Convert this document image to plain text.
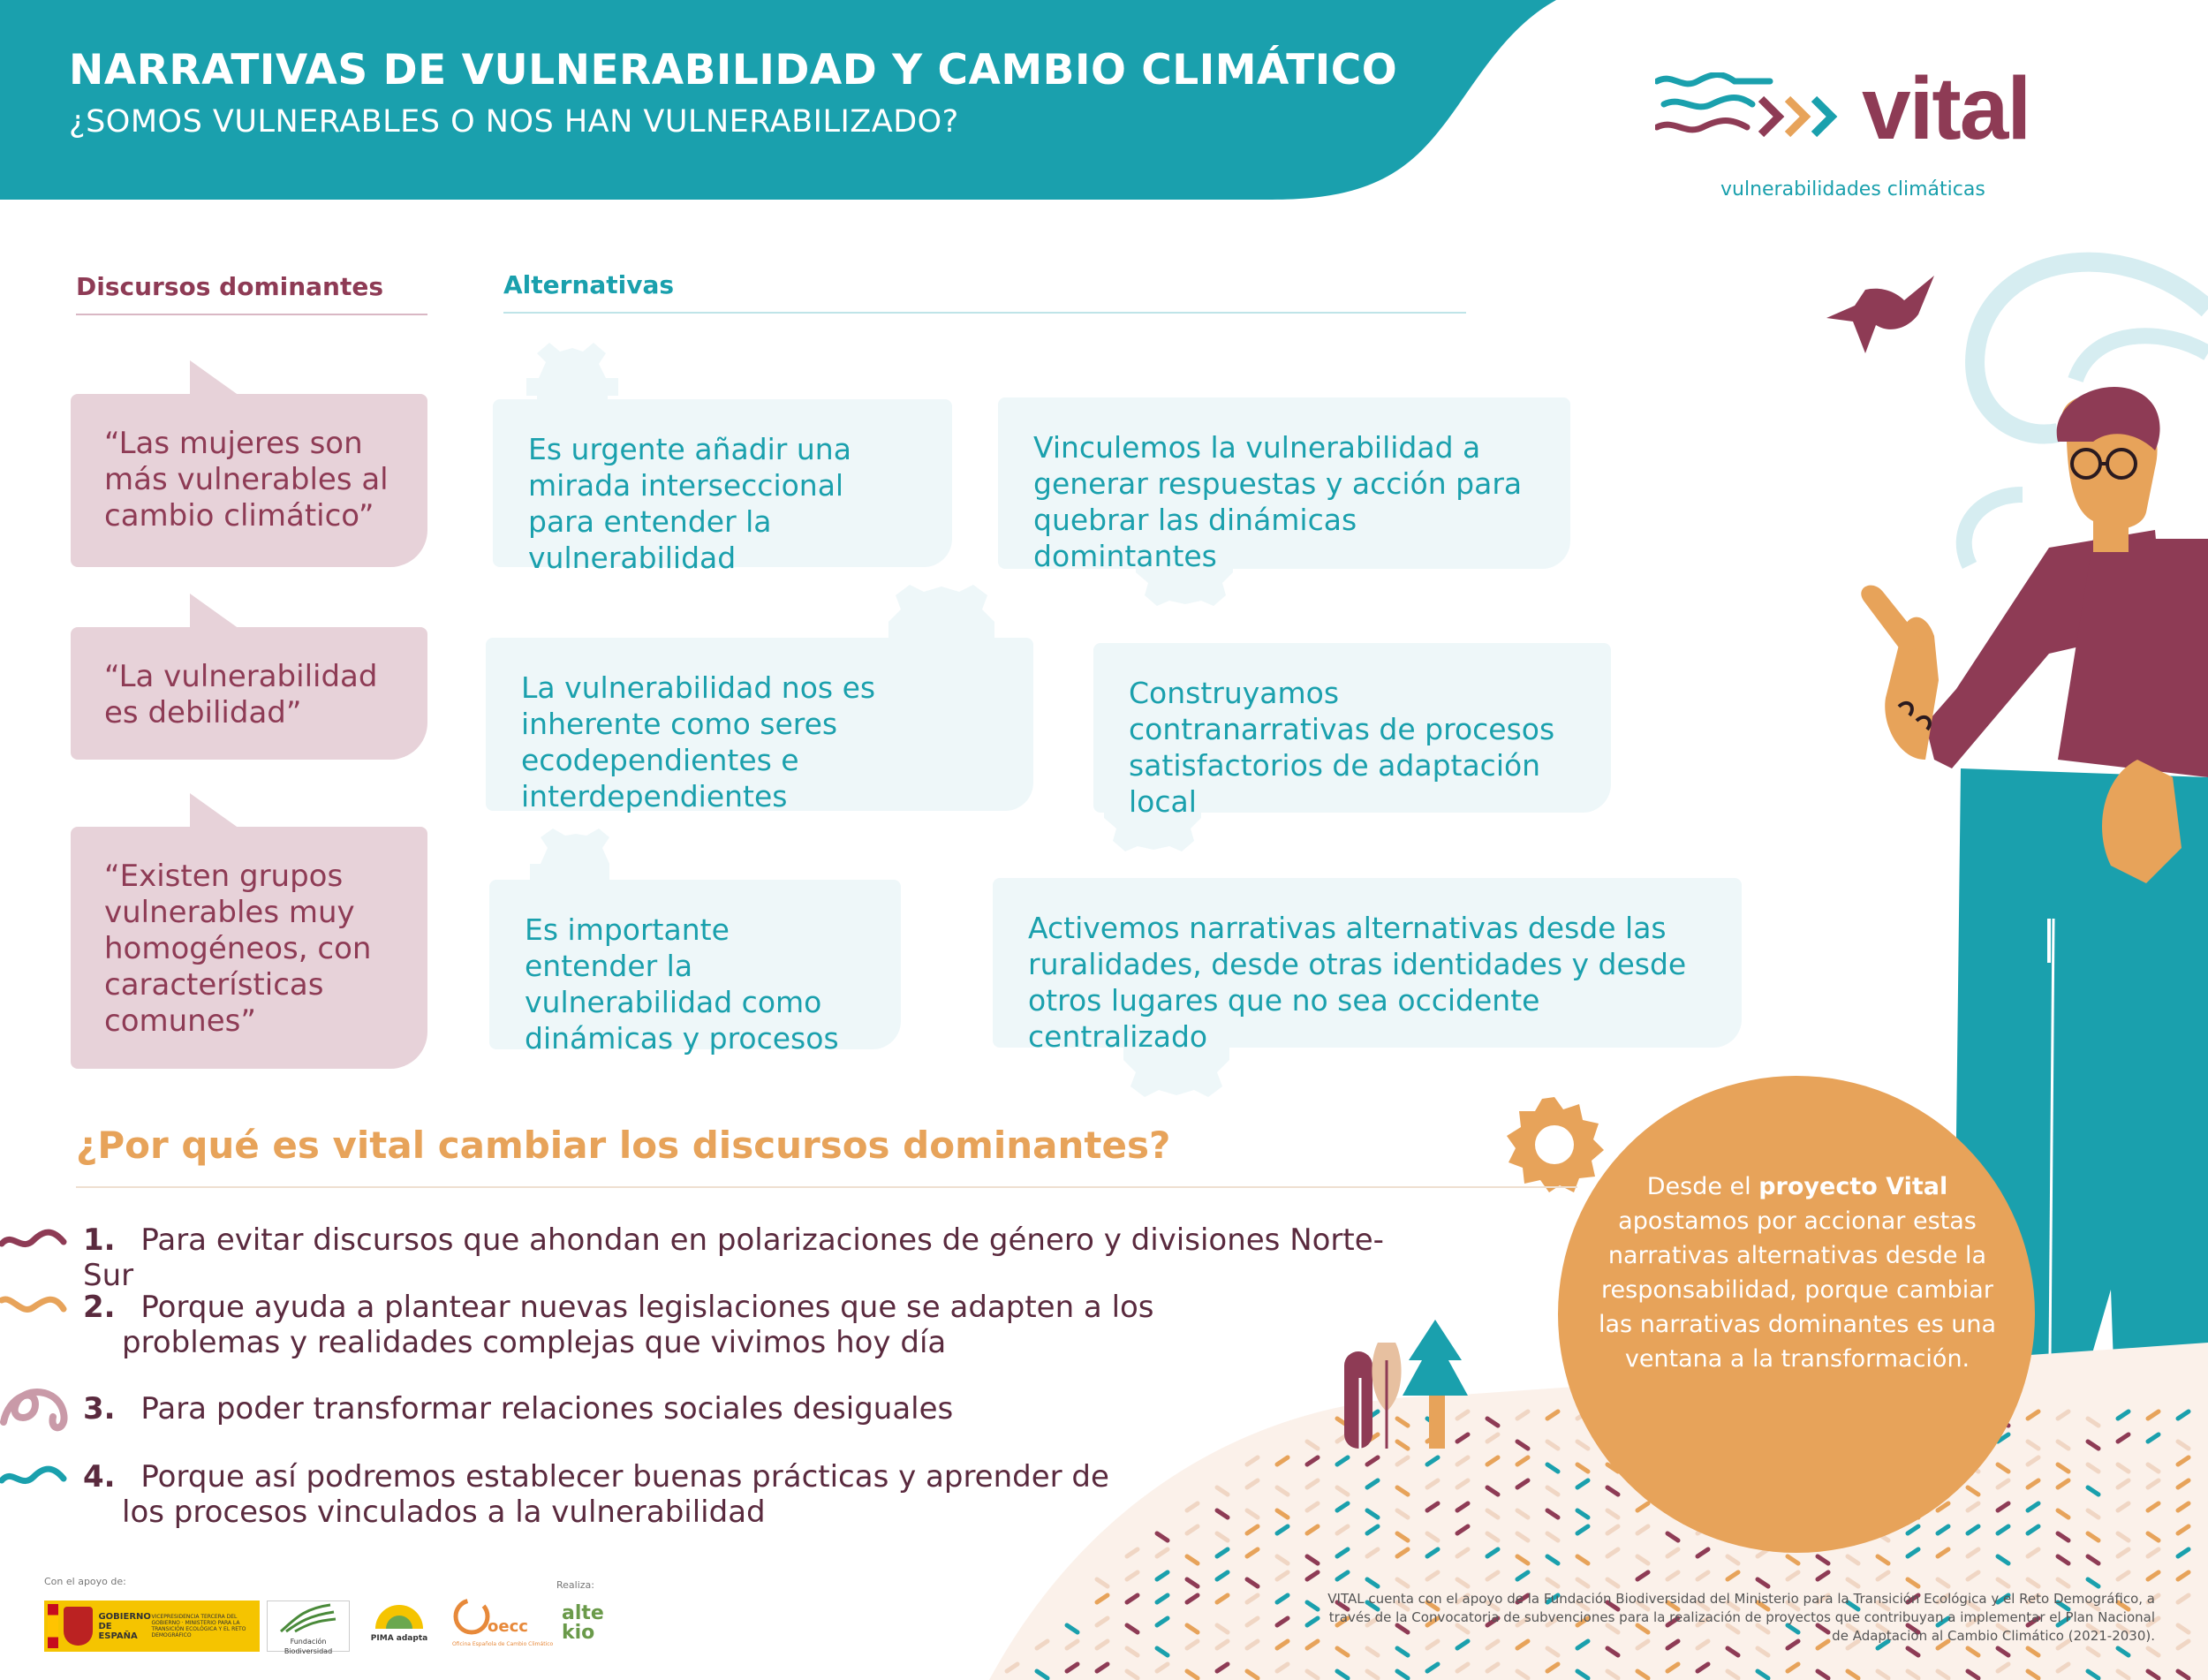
NARRATIVAS DE VULNERABILIDAD Y CAMBIO CLIMÁTICO
¿SOMOS VULNERABLES O NOS HAN VULNERABILIZADO?	vital
vulnerabilidades climáticas
Discursos dominantes	Alternativas
“Las mujeres son más vulnerables al cambio climático”
“La vulnerabilidad es debilidad”
“Existen grupos vulnerables muy homogéneos, con características comunes”
Es urgente añadir una mirada interseccional para entender la vulnerabilidad
Vinculemos la vulnerabilidad a generar respuestas y acción para quebrar las dinámicas domintantes
La vulnerabilidad nos es inherente como seres ecodependientes e interdependientes
Construyamos contranarrativas de procesos satisfactorios de adaptación local
Es importante entender la vulnerabilidad como dinámicas y procesos
Activemos narrativas alternativas desde las ruralidades, desde otras identidades y desde otros lugares que no sea occidente centralizado
¿Por qué es vital cambiar los discursos dominantes?
1. Para evitar discursos que ahondan en polarizaciones de género y divisiones Norte-Sur
2. Porque ayuda a plantear nuevas legislaciones que se adapten a los problemas y realidades complejas que vivimos hoy día
3. Para poder transformar relaciones sociales desiguales
4. Porque así podremos establecer buenas prácticas y aprender de los procesos vinculados a la vulnerabilidad
Desde el proyecto Vital apostamos por accionar estas narrativas alternativas desde la responsabilidad, porque cambiar las narrativas dominantes es una ventana a la transformación.
Con el apoyo de:	Realiza:
GOBIERNO DE ESPAÑA
VICEPRESIDENCIA TERCERA DEL GOBIERNO · MINISTERIO PARA LA TRANSICIÓN ECOLÓGICA Y EL RETO DEMOGRÁFICO
Fundación Biodiversidad
PIMA adapta
oecc
Oficina Española de Cambio Climático
altekio
VITAL cuenta con el apoyo de la Fundación Biodiversidad del Ministerio para la Transición Ecológica y el Reto Demográfico, a través de la Convocatoria de subvenciones para la realización de proyectos que contribuyan a implementar el Plan Nacional de Adaptación al Cambio Climático (2021-2030).
